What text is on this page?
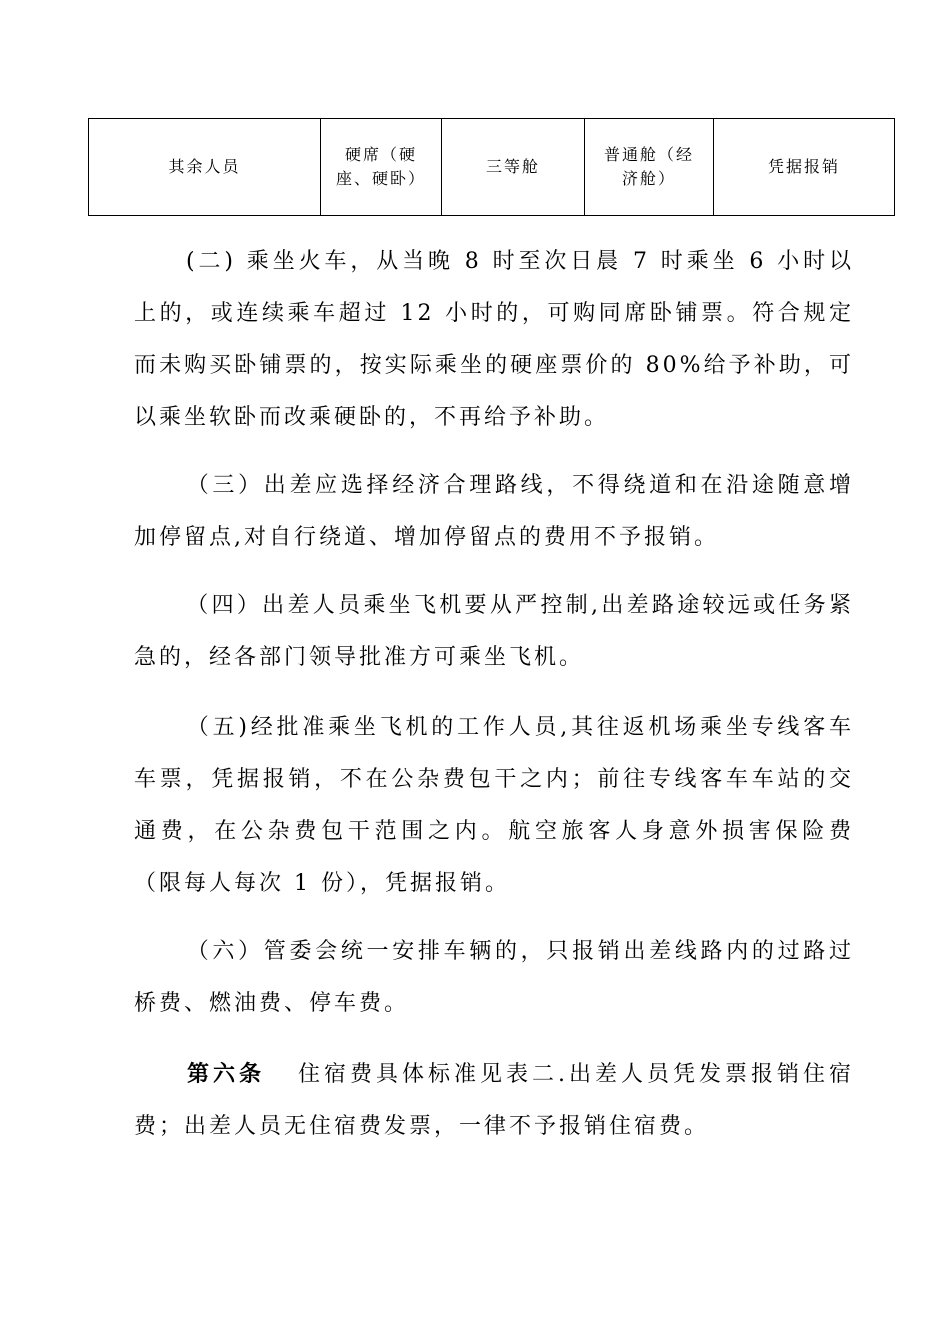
其余人员	硬席（硬座、硬卧）	三等舱	普通舱（经济舱）	凭据报销

(二) 乘坐火车，从当晚 8 时至次日晨 7 时乘坐 6 小时以上的，或连续乘车超过 12 小时的，可购同席卧铺票。符合规定而未购买卧铺票的，按实际乘坐的硬座票价的 80%给予补助，可以乘坐软卧而改乘硬卧的，不再给予补助。

（三）出差应选择经济合理路线，不得绕道和在沿途随意增加停留点,对自行绕道、增加停留点的费用不予报销。

（四）出差人员乘坐飞机要从严控制,出差路途较远或任务紧急的，经各部门领导批准方可乘坐飞机。

（五)经批准乘坐飞机的工作人员,其往返机场乘坐专线客车车票，凭据报销，不在公杂费包干之内；前往专线客车车站的交通费，在公杂费包干范围之内。航空旅客人身意外损害保险费（限每人每次 1 份），凭据报销。

（六）管委会统一安排车辆的，只报销出差线路内的过路过桥费、燃油费、停车费。

第六条 住宿费具体标准见表二.出差人员凭发票报销住宿费；出差人员无住宿费发票，一律不予报销住宿费。
